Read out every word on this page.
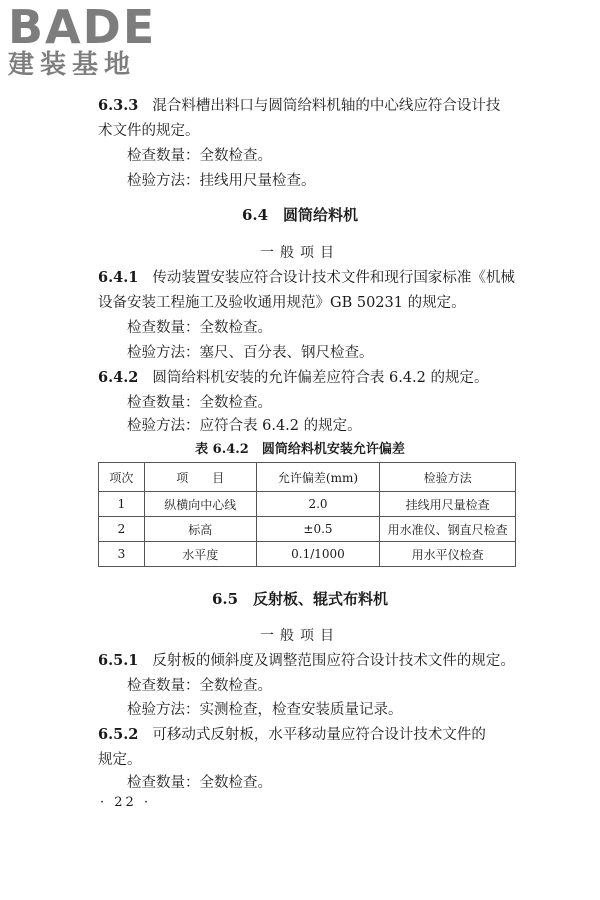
BADE
建装基地
6.3.3 混合料槽出料口与圆筒给料机轴的中心线应符合设计技
术文件的规定。
检查数量：全数检查。
检验方法：挂线用尺量检查。
6.4　圆筒给料机
一般项目
6.4.1 传动装置安装应符合设计技术文件和现行国家标准《机械
设备安装工程施工及验收通用规范》GB 50231 的规定。
检查数量：全数检查。
检验方法：塞尺、百分表、钢尺检查。
6.4.2 圆筒给料机安装的允许偏差应符合表 6.4.2 的规定。
检查数量：全数检查。
检验方法：应符合表 6.4.2 的规定。
表 6.4.2　圆筒给料机安装允许偏差
项次	项　　目	允许偏差(mm)	检验方法
1	纵横向中心线	2.0	挂线用尺量检查
2	标高	±0.5	用水准仪、钢直尺检查
3	水平度	0.1/1000	用水平仪检查
6.5　反射板、辊式布料机
一般项目
6.5.1 反射板的倾斜度及调整范围应符合设计技术文件的规定。
检查数量：全数检查。
检验方法：实测检查，检查安装质量记录。
6.5.2 可移动式反射板，水平移动量应符合设计技术文件的
规定。
检查数量：全数检查。
· 22 ·
